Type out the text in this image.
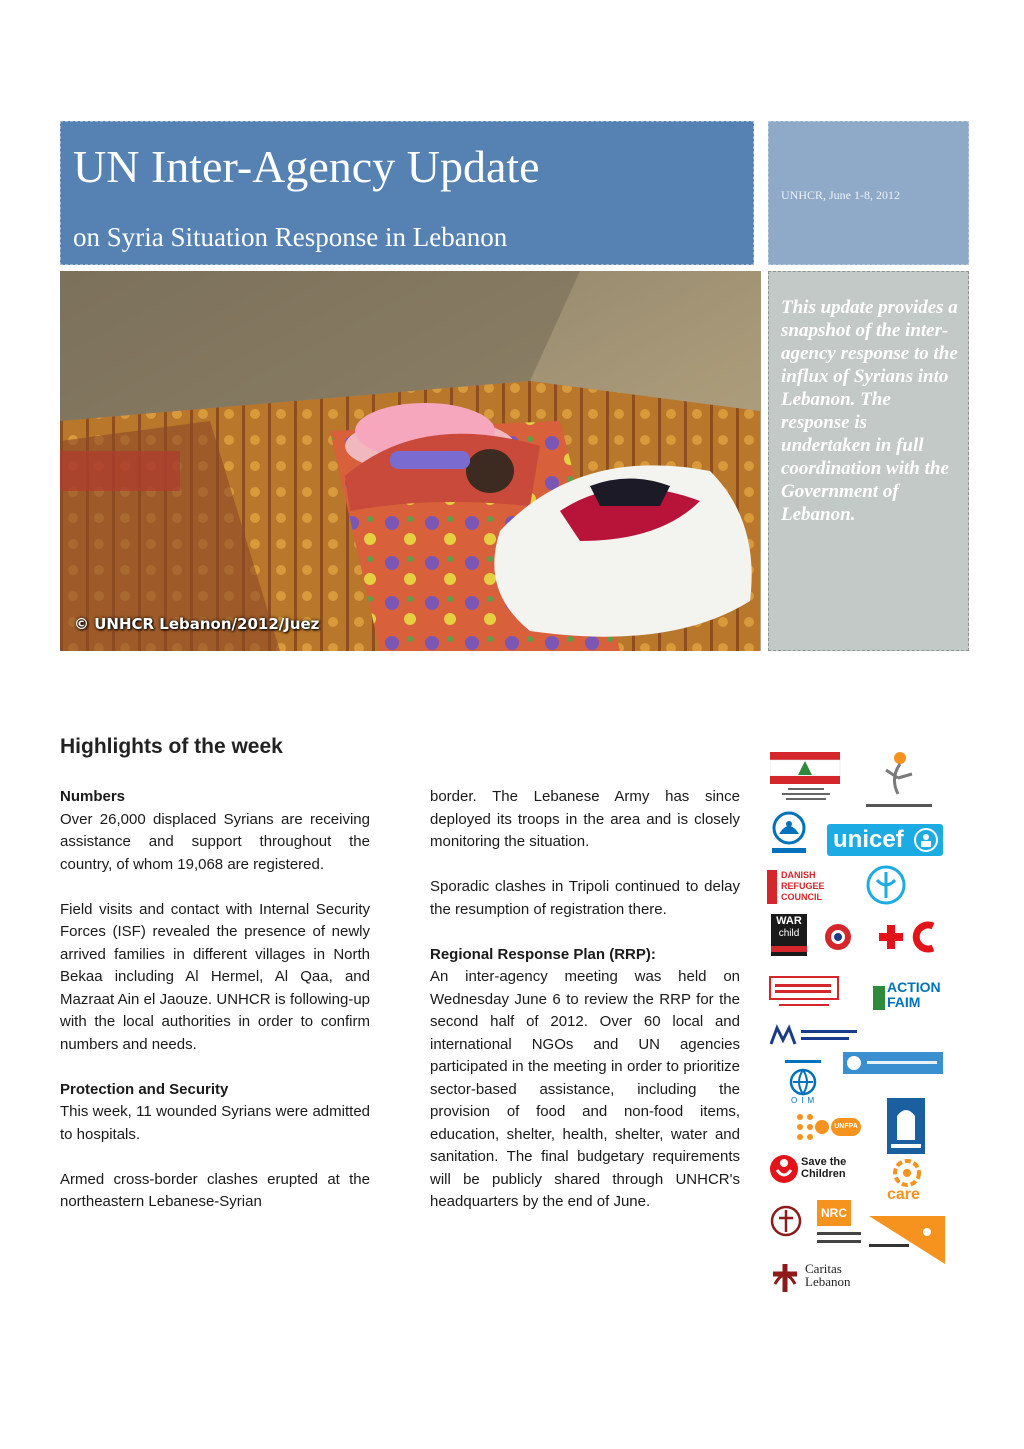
UN Inter-Agency Update
on Syria Situation Response in Lebanon
UNHCR, June 1-8, 2012
© UNHCR Lebanon/2012/Juez
This update provides a snapshot of the inter-agency response to the influx of Syrians into Lebanon. The response is undertaken in full coordination with the Government of Lebanon.
Highlights of the week
Numbers

Over 26,000 displaced Syrians are receiving assistance and support throughout the country, of whom 19,068 are registered.

Field visits and contact with Internal Security Forces (ISF) revealed the presence of newly arrived families in different villages in North Bekaa including Al Hermel, Al Qaa, and Mazraat Ain el Jaouze. UNHCR is following-up with the local authorities in order to confirm numbers and needs.

Protection and Security

This week, 11 wounded Syrians were admitted to hospitals.

Armed cross-border clashes erupted at the northeastern Lebanese-Syrian

border. The Lebanese Army has since deployed its troops in the area and is closely monitoring the situation.

Sporadic clashes in Tripoli continued to delay the resumption of registration there.

Regional Response Plan (RRP):

An inter-agency meeting was held on Wednesday June 6 to review the RRP for the second half of 2012. Over 60 local and international NGOs and UN agencies participated in the meeting in order to prioritize sector-based assistance, including the provision of food and non-food items, education, shelter, health, shelter, water and sanitation. The final budgetary requirements will be publicly shared through UNHCR's headquarters by the end of June.

unicef
DANISH
REFUGEE
COUNCIL
WAR
child
ACTION
FAIM
OIM
UNFPA
Save the
Children
care
NRC
Caritas
Lebanon
